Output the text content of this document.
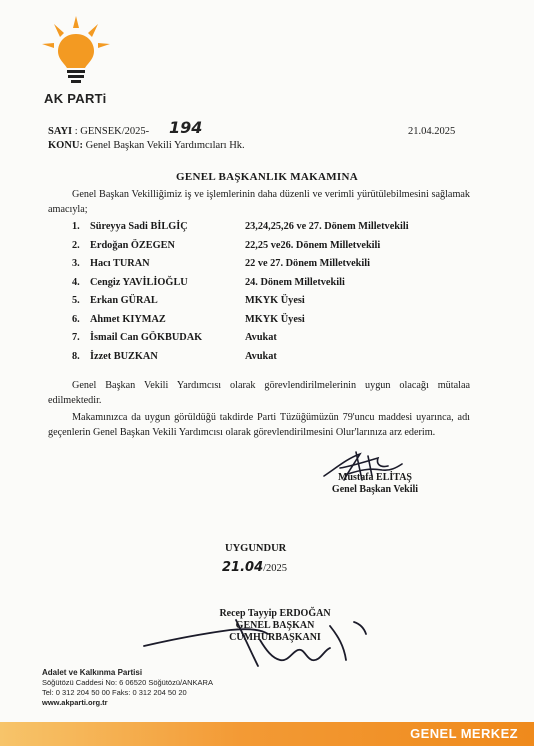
AK PARTi
SAYI : GENSEK/2025- 194
KONU: Genel Başkan Vekili Yardımcıları Hk.
21.04.2025
GENEL BAŞKANLIK MAKAMINA
Genel Başkan Vekilliğimiz iş ve işlemlerinin daha düzenli ve verimli yürütülebilmesini sağlamak amacıyla;
1. Süreyya Sadi BİLGİÇ	23,24,25,26 ve 27. Dönem Milletvekili
2. Erdoğan ÖZEGEN	22,25 ve26. Dönem Milletvekili
3. Hacı TURAN	22 ve 27. Dönem Milletvekili
4. Cengiz YAVİLİOĞLU	24. Dönem Milletvekili
5. Erkan GÜRAL	MKYK Üyesi
6. Ahmet KIYMAZ	MKYK Üyesi
7. İsmail Can GÖKBUDAK	Avukat
8. İzzet BUZKAN	Avukat
Genel Başkan Vekili Yardımcısı olarak görevlendirilmelerinin uygun olacağı mütalaa edilmektedir.
Makamınızca da uygun görüldüğü takdirde Parti Tüzüğümüzün 79'uncu maddesi uyarınca, adı geçenlerin Genel Başkan Vekili Yardımcısı olarak görevlendirilmesini Olur'larınıza arz ederim.
Mustafa ELİTAŞ
Genel Başkan Vekili
UYGUNDUR
21.04/2025
Recep Tayyip ERDOĞAN
GENEL BAŞKAN
CUMHURBAŞKANI
Adalet ve Kalkınma Partisi
Söğütözü Caddesi No: 6 06520 Söğütözü/ANKARA
Tel: 0 312 204 50 00 Faks: 0 312 204 50 20
www.akparti.org.tr
GENEL MERKEZ
